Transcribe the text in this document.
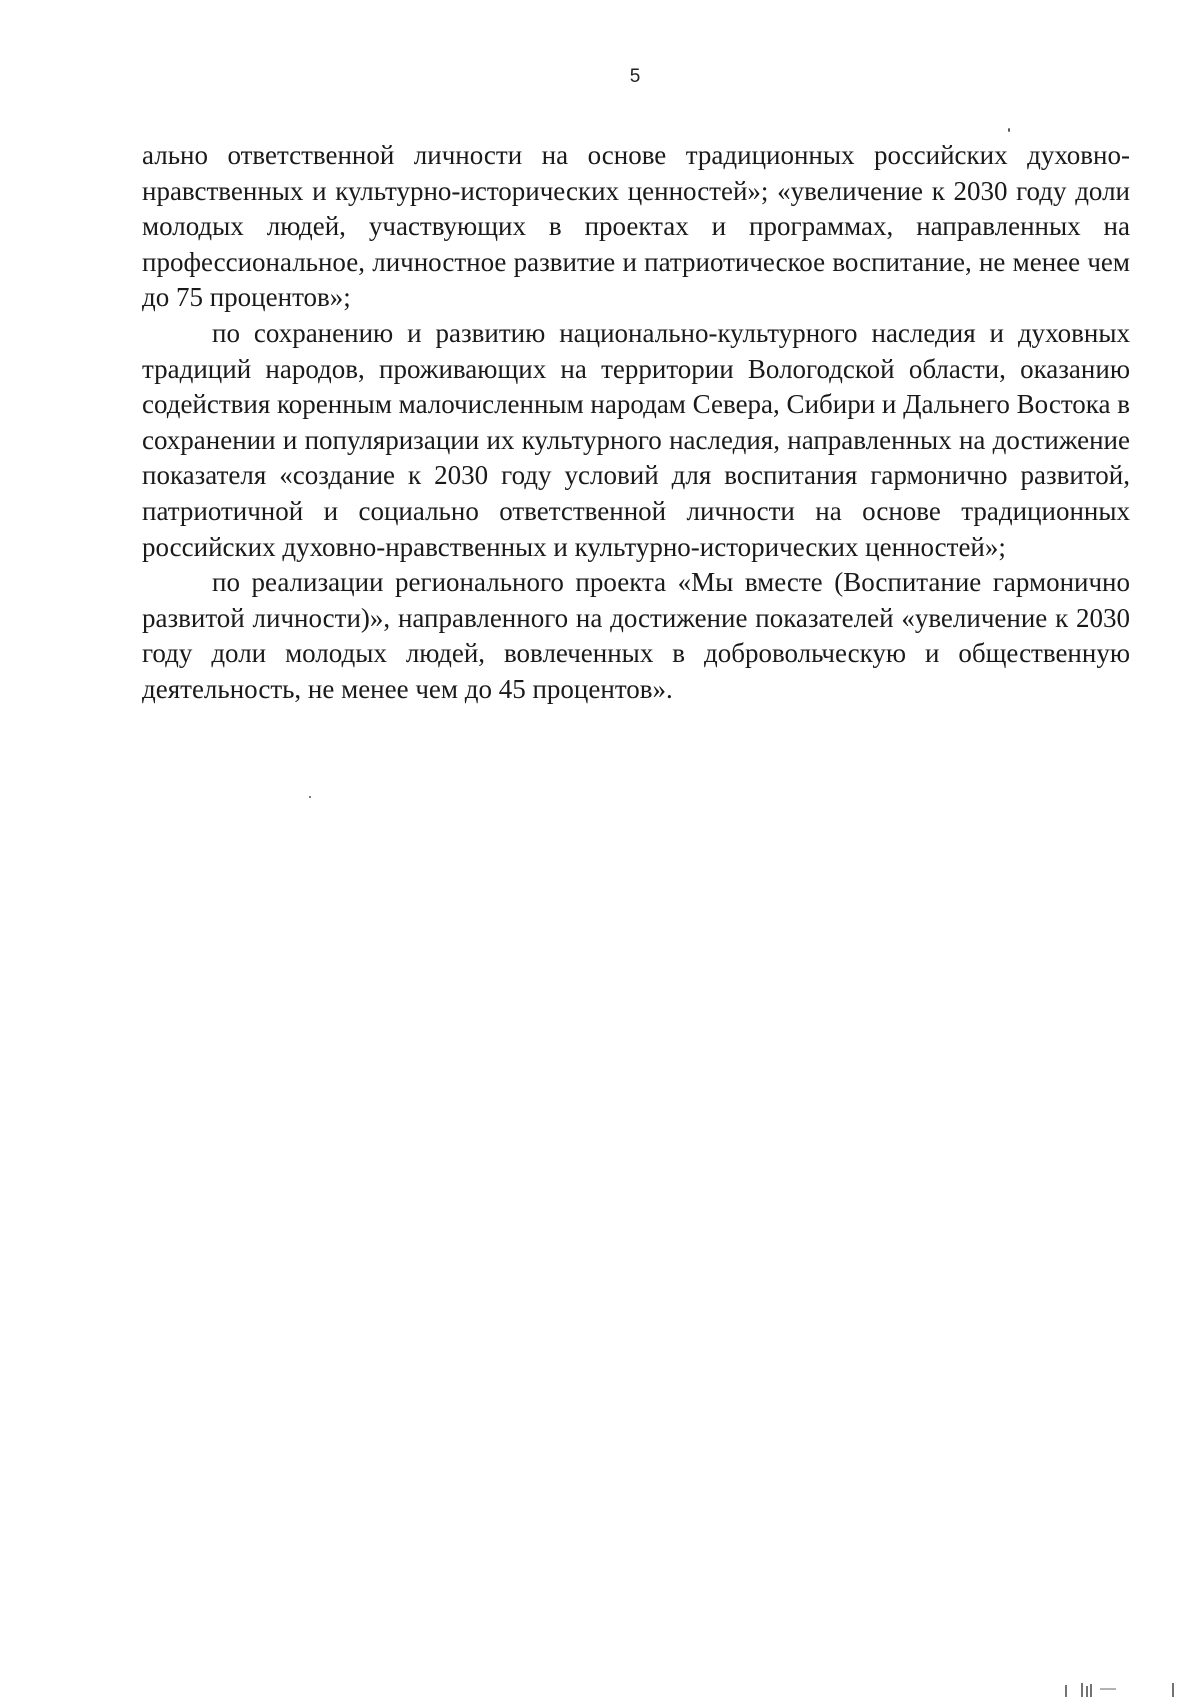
5

ально ответственной личности на основе традиционных российских духовно-нравственных и культурно-исторических ценностей»; «увеличение к 2030 году доли молодых людей, участвующих в проектах и программах, направленных на профессиональное, личностное развитие и патриотическое воспитание, не менее чем до 75 процентов»;

по сохранению и развитию национально-культурного наследия и духовных традиций народов, проживающих на территории Вологодской области, оказанию содействия коренным малочисленным народам Севера, Сибири и Дальнего Востока в сохранении и популяризации их культурного наследия, направленных на достижение показателя «создание к 2030 году условий для воспитания гармонично развитой, патриотичной и социально ответственной личности на основе традиционных российских духовно-нравственных и культурно-исторических ценностей»;

по реализации регионального проекта «Мы вместе (Воспитание гармонично развитой личности)», направленного на достижение показателей «увеличение к 2030 году доли молодых людей, вовлеченных в добровольческую и общественную деятельность, не менее чем до 45 процентов».
